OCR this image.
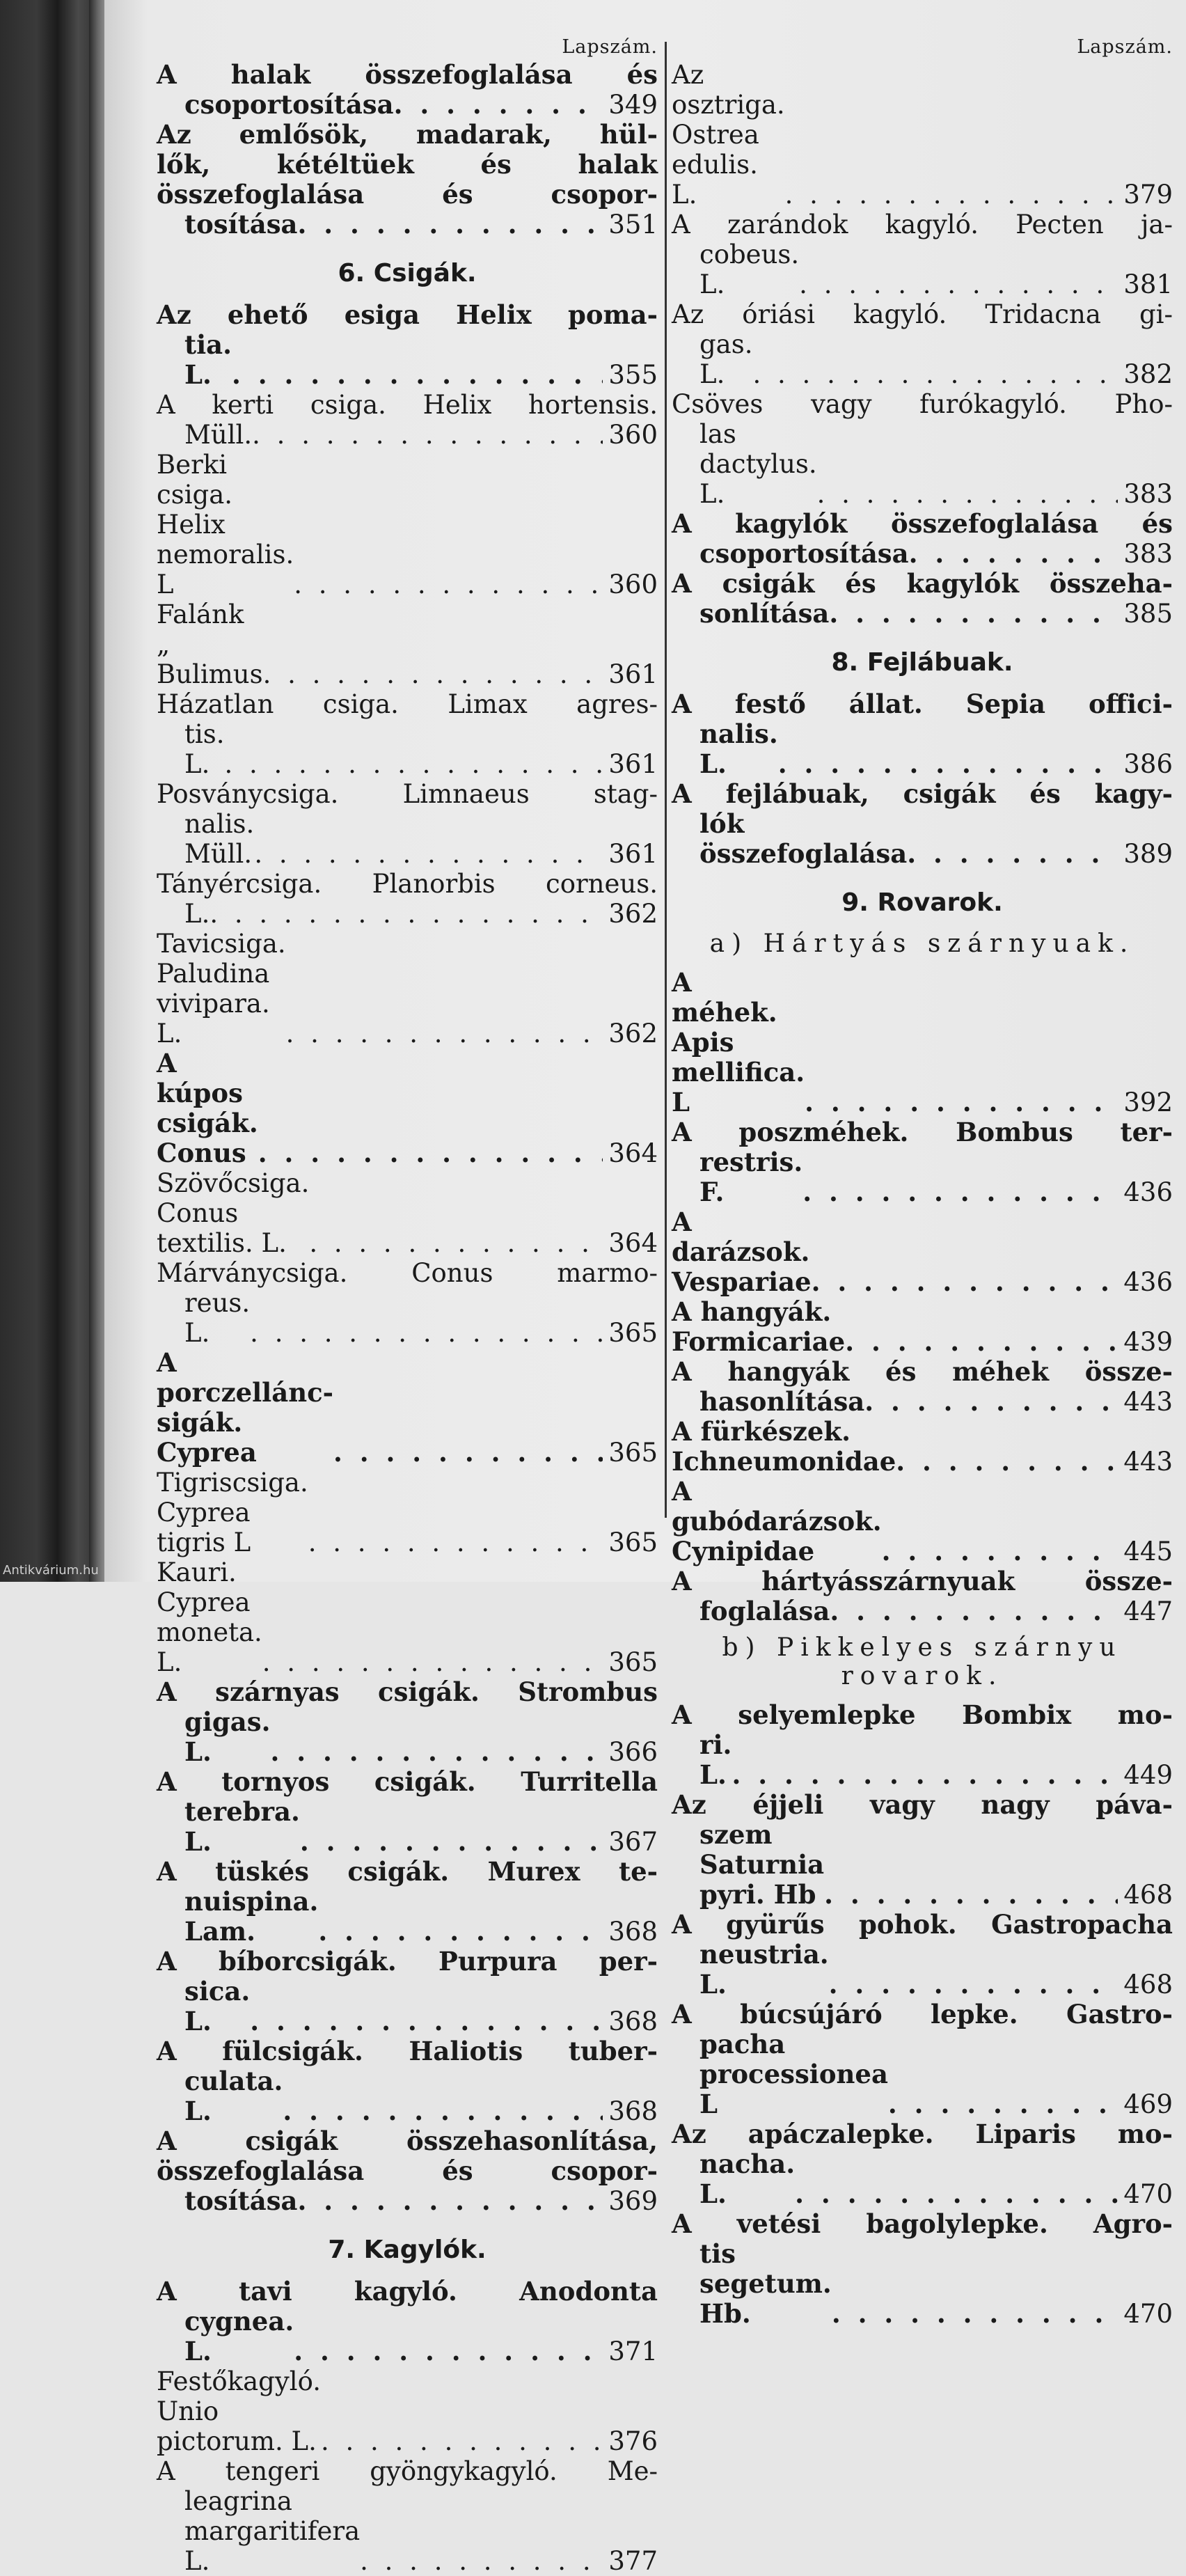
Lapszám.
A halak összefoglalása és
csoportosítása . . .	349
Az emlősök, madarak, hül-
lők, kétéltüek és halak
összefoglalása és csopor-
tosítása . . .	351
6. Csigák.
Az ehető esiga Helix poma-
tia. L. . . .	355
A kerti csiga. Helix hortensis.
Müll. . . .	360
Berki csiga. Helix nemoralis. L . . .	360
Falánk „ Bulimus . . .	361
Házatlan csiga. Limax agres-
tis. L. . . .	361
Posványcsiga. Limnaeus stag-
nalis. Müll. . . .	361
Tányércsiga. Planorbis corneus.
L. . . .	362
Tavicsiga. Paludina vivipara. L. . . .	362
A kúpos csigák. Conus . . .	364
Szövőcsiga. Conus textilis. L. . . .	364
Márványcsiga. Conus marmo-
reus. L. . . .	365
A porczelláncsigák. Cyprea . . .	365
Tigriscsiga. Cyprea tigris L . . .	365
Kauri. Cyprea moneta. L. . . .	365
A szárnyas csigák. Strombus
gigas. L. . . .	366
A tornyos csigák. Turritella
terebra. L. . . .	367
A tüskés csigák. Murex te-
nuispina. Lam. . . .	368
A bíborcsigák. Purpura per-
sica. L. . . .	368
A fülcsigák. Haliotis tuber-
culata. L. . . .	368
A csigák összehasonlítása,
összefoglalása és csopor-
tosítása . . .	369
7. Kagylók.
A tavi kagyló. Anodonta
cygnea. L. . . .	371
Festőkagyló. Unio pictorum. L. . . .	376
A tengeri gyöngykagyló. Me-
leagrina margaritifera L. . . .	377
Lapszám.
Az osztriga. Ostrea edulis. L. . . .	379
A zarándok kagyló. Pecten ja-
cobeus. L. . . .	381
Az óriási kagyló. Tridacna gi-
gas. L. . . .	382
Csöves vagy furókagyló. Pho-
las dactylus. L. . . .	383
A kagylók összefoglalása és
csoportosítása . . .	383
A csigák és kagylók összeha-
sonlítása . . .	385
8. Fejlábuak.
A festő állat. Sepia offici-
nalis. L. . . .	386
A fejlábuak, csigák és kagy-
lók összefoglalása . . .	389
9. Rovarok.
a) Hártyás szárnyuak.
A méhek. Apis mellifica. L . . .	392
A poszméhek. Bombus ter-
restris. F. . . .	436
A darázsok. Vespariae . . .	436
A hangyák. Formicariae . . .	439
A hangyák és méhek össze-
hasonlítása . . .	443
A fürkészek. Ichneumonidae . . .	443
A gubódarázsok. Cynipidae . . .	445
A hártyásszárnyuak össze-
foglalása . . .	447
b) Pikkelyes szárnyu
rovarok.
A selyemlepke Bombix mo-
ri. L. . . .	449
Az éjjeli vagy nagy páva-
szem Saturnia pyri. Hb . . .	468
A gyürűs pohok. Gastropacha
neustria. L. . . .	468
A búcsújáró lepke. Gastro-
pacha processionea L . . .	469
Az apáczalepke. Liparis mo-
nacha. L. . . .	470
A vetési bagolylepke. Agro-
tis segetum. Hb. . . .	470
Antikvárium.hu
